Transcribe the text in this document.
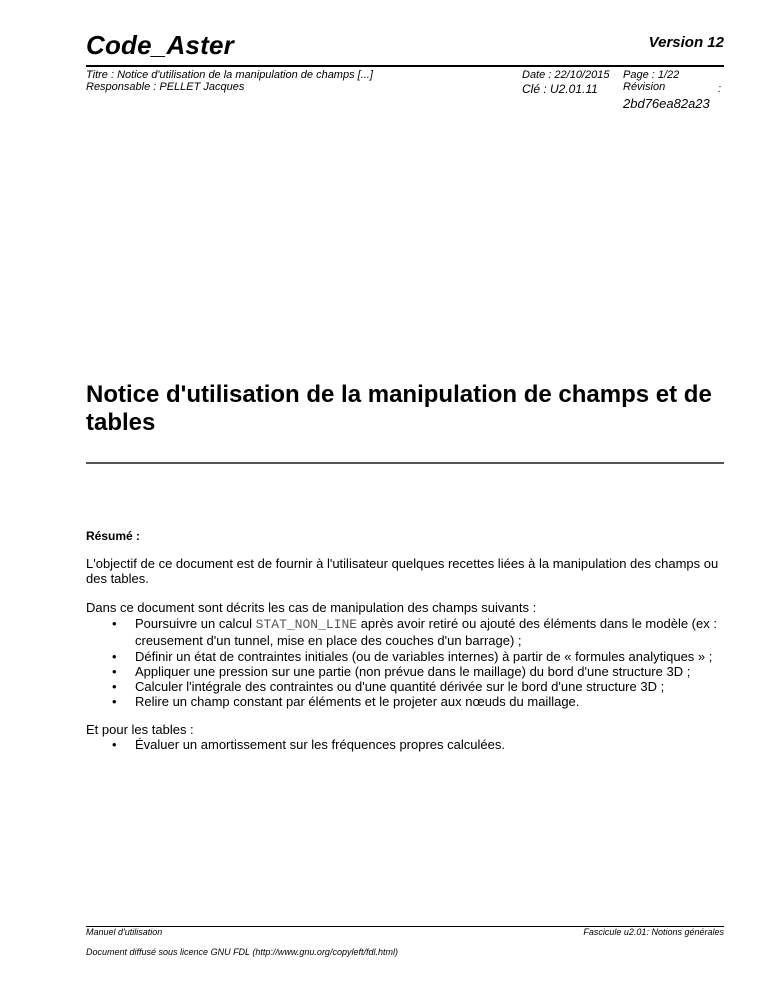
Code_Aster	Version 12
Titre : Notice d'utilisation de la manipulation de champs [...]
Responsable : PELLET Jacques
Date : 22/10/2015
Clé : U2.01.11
Page : 1/22
Révision	:
2bd76ea82a23
Notice d'utilisation de la manipulation de champs et de tables
Résumé :
L'objectif de ce document est de fournir à l'utilisateur quelques recettes liées à la manipulation des champs ou des tables.
Dans ce document sont décrits les cas de manipulation des champs suivants :
• Poursuivre un calcul STAT_NON_LINE après avoir retiré ou ajouté des éléments dans le modèle (ex : creusement d'un tunnel, mise en place des couches d'un barrage) ;
• Définir un état de contraintes initiales (ou de variables internes) à partir de « formules analytiques » ;
• Appliquer une pression sur une partie (non prévue dans le maillage) du bord d'une structure 3D ;
• Calculer l'intégrale des contraintes ou d'une quantité dérivée sur le bord d'une structure 3D ;
• Relire un champ constant par éléments et le projeter aux nœuds du maillage.
Et pour les tables :
• Évaluer un amortissement sur les fréquences propres calculées.
Manuel d'utilisation	Fascicule u2.01: Notions générales
Document diffusé sous licence GNU FDL (http://www.gnu.org/copyleft/fdl.html)
